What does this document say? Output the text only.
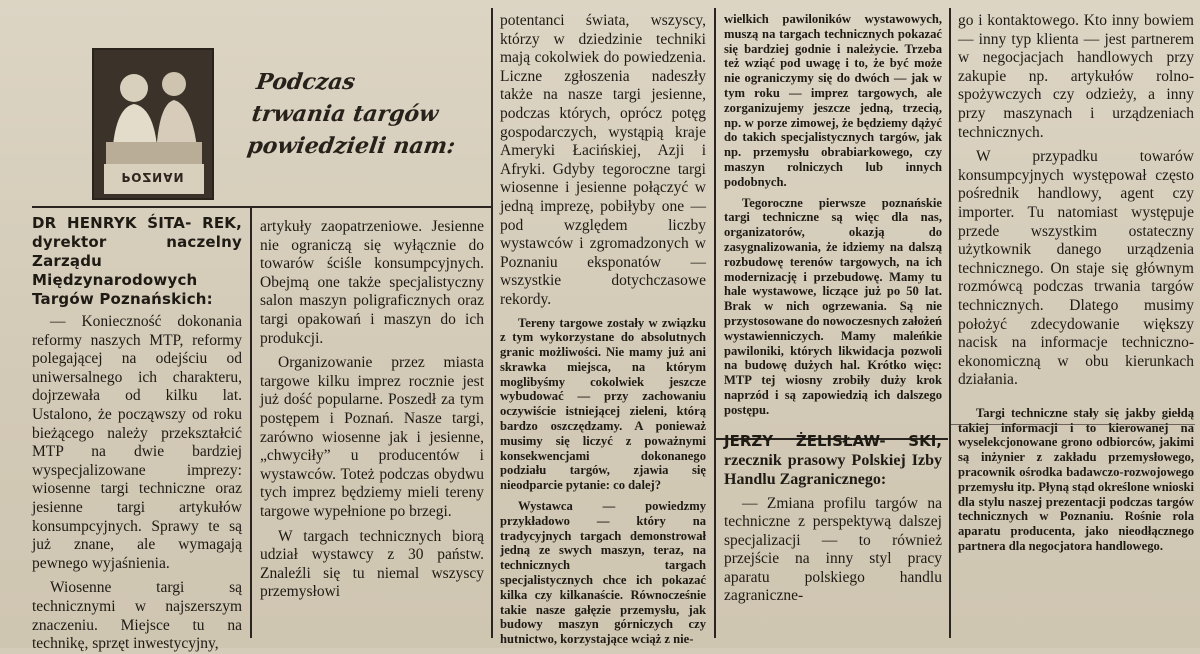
POZNAN
Podczas
trwania targów
powiedzieli nam:
DR HENRYK ŚITA- REK, dyrektor naczelny Zarządu Międzynarodowych Targów Poznańskich:

— Konieczność dokonania reformy naszych MTP, reformy polegającej na odejściu od uniwersalnego ich charakteru, dojrzewała od kilku lat. Ustalono, że począwszy od roku bieżącego należy przekształcić MTP na dwie bardziej wyspecjalizowane imprezy: wiosenne targi techniczne oraz jesienne targi artykułów konsumpcyjnych. Sprawy te są już znane, ale wymagają pewnego wyjaśnienia.

Wiosenne targi są technicznymi w najszerszym znaczeniu. Miejsce tu na technikę, sprzęt inwestycyjny,

artykuły zaopatrzeniowe. Jesienne nie ograniczą się wyłącznie do towarów ściśle konsumpcyjnych. Obejmą one także specjalistyczny salon maszyn poligraficznych oraz targi opakowań i maszyn do ich produkcji.

Organizowanie przez miasta targowe kilku imprez rocznie jest już dość popularne. Poszedł za tym postępem i Poznań. Nasze targi, zarówno wiosenne jak i jesienne, „chwyciły” u producentów i wystawców. Toteż podczas obydwu tych imprez będziemy mieli tereny targowe wypełnione po brzegi.

W targach technicznych biorą udział wystawcy z 30 państw. Znaleźli się tu niemal wszyscy przemysłowi

potentanci świata, wszyscy, którzy w dziedzinie techniki mają cokolwiek do powiedzenia. Liczne zgłoszenia nadeszły także na nasze targi jesienne, podczas których, oprócz potęg gospodarczych, wystąpią kraje Ameryki Łacińskiej, Azji i Afryki. Gdyby tegoroczne targi wiosenne i jesienne połączyć w jedną imprezę, pobiłyby one — pod względem liczby wystawców i zgromadzonych w Poznaniu eksponatów — wszystkie dotychczasowe rekordy.

Tereny targowe zostały w związku z tym wykorzystane do absolutnych granic możliwości. Nie mamy już ani skrawka miejsca, na którym moglibyśmy cokolwiek jeszcze wybudować — przy zachowaniu oczywiście istniejącej zieleni, którą bardzo oszczędzamy. A ponieważ musimy się liczyć z poważnymi konsekwencjami dokonanego podziału targów, zjawia się nieodparcie pytanie: co dalej?

Wystawca — powiedzmy przykładowo — który na tradycyjnych targach demonstrował jedną ze swych maszyn, teraz, na technicznych targach specjalistycznych chce ich pokazać kilka czy kilkanaście. Równocześnie takie nasze gałęzie przemysłu, jak budowy maszyn górniczych czy hutnictwo, korzystające wciąż z nie-

wielkich pawiloników wystawowych, muszą na targach technicznych pokazać się bardziej godnie i należycie. Trzeba też wziąć pod uwagę i to, że być może nie ograniczymy się do dwóch — jak w tym roku — imprez targowych, ale zorganizujemy jeszcze jedną, trzecią, np. w porze zimowej, że będziemy dążyć do takich specjalistycznych targów, jak np. przemysłu obrabiarkowego, czy maszyn rolniczych lub innych podobnych.

Tegoroczne pierwsze poznańskie targi techniczne są więc dla nas, organizatorów, okazją do zasygnalizowania, że idziemy na dalszą rozbudowę terenów targowych, na ich modernizację i przebudowę. Mamy tu hale wystawowe, liczące już po 50 lat. Brak w nich ogrzewania. Są nie przystosowane do nowoczesnych założeń wystawienniczych. Mamy maleńkie pawiloniki, których likwidacja pozwoli na budowę dużych hal. Krótko więc: MTP tej wiosny zrobiły duży krok naprzód i są zapowiedzią ich dalszego postępu.

JERZY ŻELISŁAW- SKI, rzecznik prasowy Polskiej Izby Handlu Zagranicznego:

— Zmiana profilu targów na techniczne z perspektywą dalszej specjalizacji — to również przejście na inny styl pracy aparatu polskiego handlu zagraniczne-

go i kontaktowego. Kto inny bowiem — inny typ klienta — jest partnerem w negocjacjach handlowych przy zakupie np. artykułów rolno-spożywczych czy odzieży, a inny przy maszynach i urządzeniach technicznych.

W przypadku towarów konsumpcyjnych występował często pośrednik handlowy, agent czy importer. Tu natomiast występuje przede wszystkim ostateczny użytkownik danego urządzenia technicznego. On staje się głównym rozmówcą podczas trwania targów technicznych. Dlatego musimy położyć zdecydowanie większy nacisk na informacje techniczno-ekonomiczną w obu kierunkach działania.

Targi techniczne stały się jakby giełdą takiej informacji i to kierowanej na wyselekcjonowane grono odbiorców, jakimi są inżynier z zakładu przemysłowego, pracownik ośrodka badawczo-rozwojowego przemysłu itp. Płyną stąd określone wnioski dla stylu naszej prezentacji podczas targów technicznych w Poznaniu. Rośnie rola aparatu producenta, jako nieodłącznego partnera dla negocjatora handlowego.
